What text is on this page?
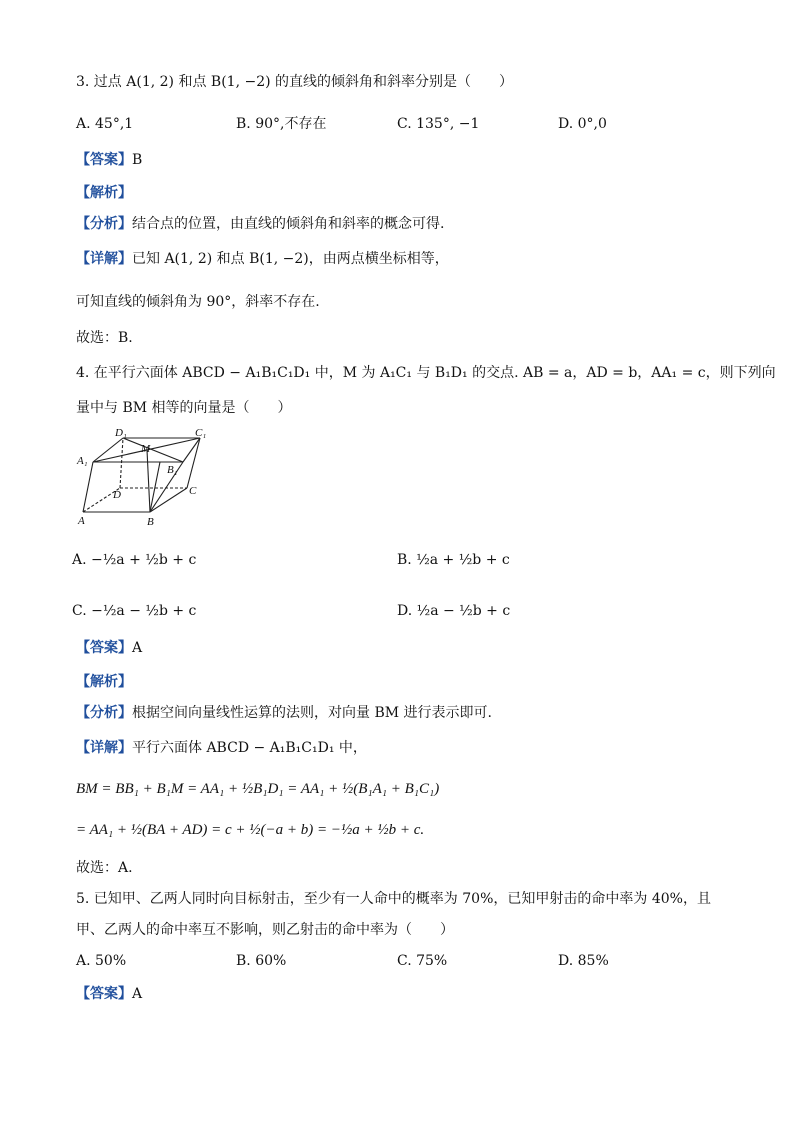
3. 过点 A(1, 2) 和点 B(1, −2) 的直线的倾斜角和斜率分别是（　　）
A. 45°,1	B. 90°,不存在	C. 135°, −1	D. 0°,0
【答案】B
【解析】
【分析】结合点的位置，由直线的倾斜角和斜率的概念可得.
【详解】已知 A(1, 2) 和点 B(1, −2)，由两点横坐标相等，
可知直线的倾斜角为 90°，斜率不存在.
故选：B.
4. 在平行六面体 ABCD − A₁B₁C₁D₁ 中，M 为 A₁C₁ 与 B₁D₁ 的交点. AB = a，AD = b，AA₁ = c，则下列向
量中与 BM 相等的向量是（　　）
D₁	C₁
A₁
M
B₁
D	C
A	B
A. −½a + ½b + c	B. ½a + ½b + c
C. −½a − ½b + c	D. ½a − ½b + c
【答案】A
【解析】
【分析】根据空间向量线性运算的法则，对向量 BM 进行表示即可.
【详解】平行六面体 ABCD − A₁B₁C₁D₁ 中，
BM = BB₁ + B₁M = AA₁ + ½B₁D₁ = AA₁ + ½(B₁A₁ + B₁C₁)
= AA₁ + ½(BA + AD) = c + ½(−a + b) = −½a + ½b + c.
故选：A.
5. 已知甲、乙两人同时向目标射击，至少有一人命中的概率为 70%，已知甲射击的命中率为 40%，且
甲、乙两人的命中率互不影响，则乙射击的命中率为（　　）
A. 50%	B. 60%	C. 75%	D. 85%
【答案】A
